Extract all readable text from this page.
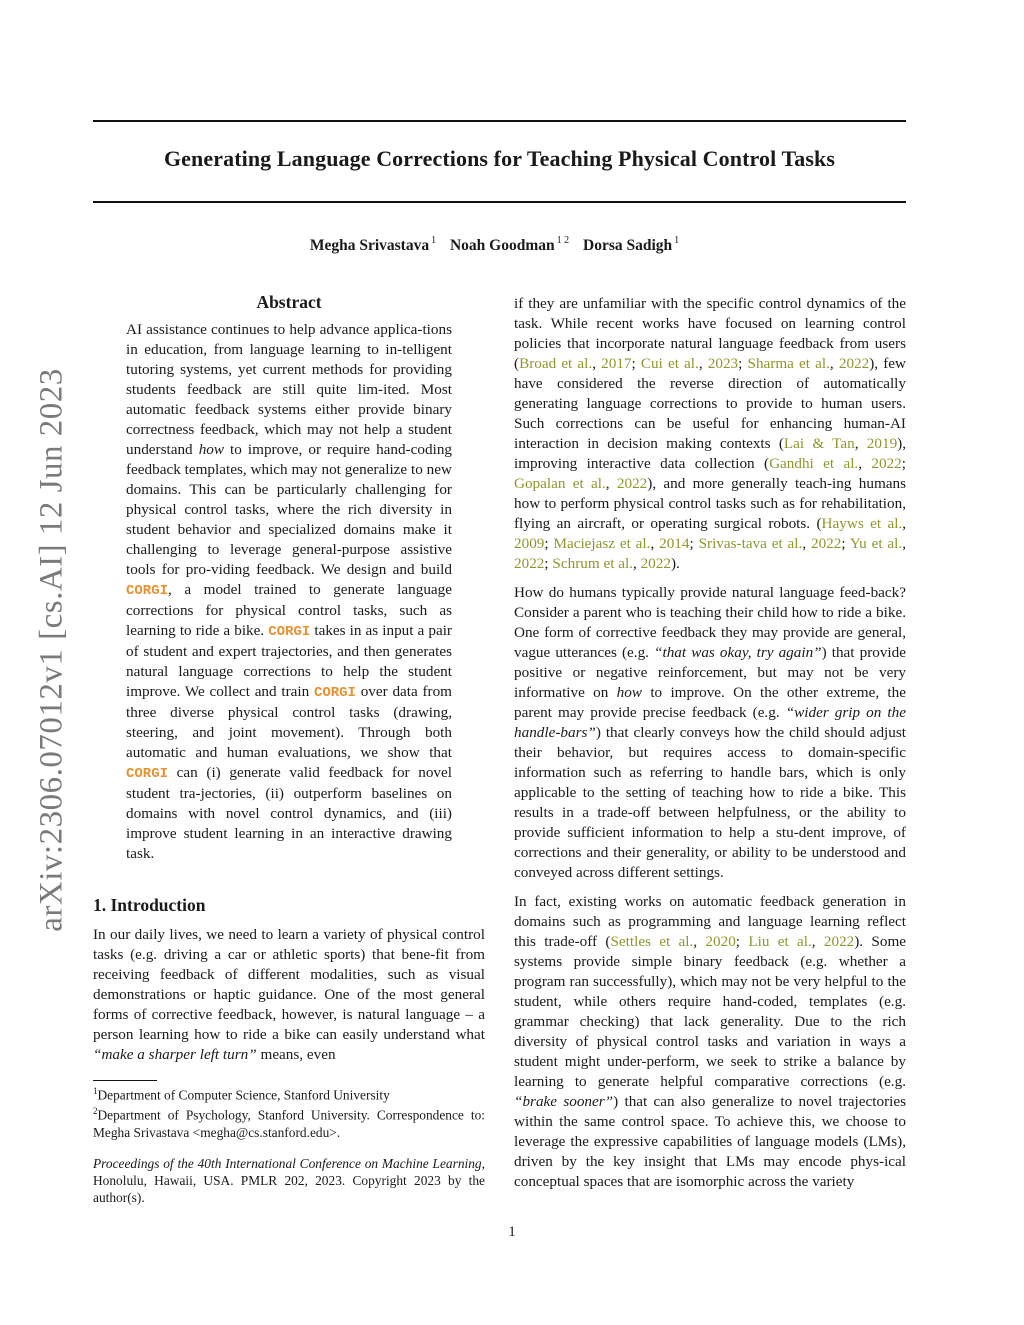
Generating Language Corrections for Teaching Physical Control Tasks
Megha Srivastava $^1$ Noah Goodman $^{1 2}$ Dorsa Sadigh $^1$
arXiv:2306.07012v1 [cs.AI] 12 Jun 2023

Abstract

AI assistance continues to help advance applica-tions in education, from language learning to in-telligent tutoring systems, yet current methods for providing students feedback are still quite lim-ited. Most automatic feedback systems either provide binary correctness feedback, which may not help a student understand how to improve, or require hand-coding feedback templates, which may not generalize to new domains. This can be particularly challenging for physical control tasks, where the rich diversity in student behavior and specialized domains make it challenging to leverage general-purpose assistive tools for pro-viding feedback. We design and build CORGI, a model trained to generate language corrections for physical control tasks, such as learning to ride a bike. CORGI takes in as input a pair of student and expert trajectories, and then generates natural language corrections to help the student improve. We collect and train CORGI over data from three diverse physical control tasks (drawing, steering, and joint movement). Through both automatic and human evaluations, we show that CORGI can (i) generate valid feedback for novel student tra-jectories, (ii) outperform baselines on domains with novel control dynamics, and (iii) improve student learning in an interactive drawing task.

1. Introduction

In our daily lives, we need to learn a variety of physical control tasks (e.g. driving a car or athletic sports) that bene-fit from receiving feedback of different modalities, such as visual demonstrations or haptic guidance. One of the most general forms of corrective feedback, however, is natural language – a person learning how to ride a bike can easily understand what “make a sharper left turn” means, even

$^1$Department of Computer Science, Stanford University

$^2$Department of Psychology, Stanford University. Correspondence to: Megha Srivastava <megha@cs.stanford.edu>.

Proceedings of the 40th International Conference on Machine Learning, Honolulu, Hawaii, USA. PMLR 202, 2023. Copyright 2023 by the author(s).

if they are unfamiliar with the specific control dynamics of the task. While recent works have focused on learning control policies that incorporate natural language feedback from users (Broad et al., 2017; Cui et al., 2023; Sharma et al., 2022), few have considered the reverse direction of automatically generating language corrections to provide to human users. Such corrections can be useful for enhancing human-AI interaction in decision making contexts (Lai & Tan, 2019), improving interactive data collection (Gandhi et al., 2022; Gopalan et al., 2022), and more generally teach-ing humans how to perform physical control tasks such as for rehabilitation, flying an aircraft, or operating surgical robots. (Hayws et al., 2009; Maciejasz et al., 2014; Srivas-tava et al., 2022; Yu et al., 2022; Schrum et al., 2022).

How do humans typically provide natural language feed-back? Consider a parent who is teaching their child how to ride a bike. One form of corrective feedback they may provide are general, vague utterances (e.g. “that was okay, try again”) that provide positive or negative reinforcement, but may not be very informative on how to improve. On the other extreme, the parent may provide precise feedback (e.g. “wider grip on the handle-bars”) that clearly conveys how the child should adjust their behavior, but requires access to domain-specific information such as referring to handle bars, which is only applicable to the setting of teaching how to ride a bike. This results in a trade-off between helpfulness, or the ability to provide sufficient information to help a stu-dent improve, of corrections and their generality, or ability to be understood and conveyed across different settings.

In fact, existing works on automatic feedback generation in domains such as programming and language learning reflect this trade-off (Settles et al., 2020; Liu et al., 2022). Some systems provide simple binary feedback (e.g. whether a program ran successfully), which may not be very helpful to the student, while others require hand-coded, templates (e.g. grammar checking) that lack generality. Due to the rich diversity of physical control tasks and variation in ways a student might under-perform, we seek to strike a balance by learning to generate helpful comparative corrections (e.g. “brake sooner”) that can also generalize to novel trajectories within the same control space. To achieve this, we choose to leverage the expressive capabilities of language models (LMs), driven by the key insight that LMs may encode phys-ical conceptual spaces that are isomorphic across the variety

1
